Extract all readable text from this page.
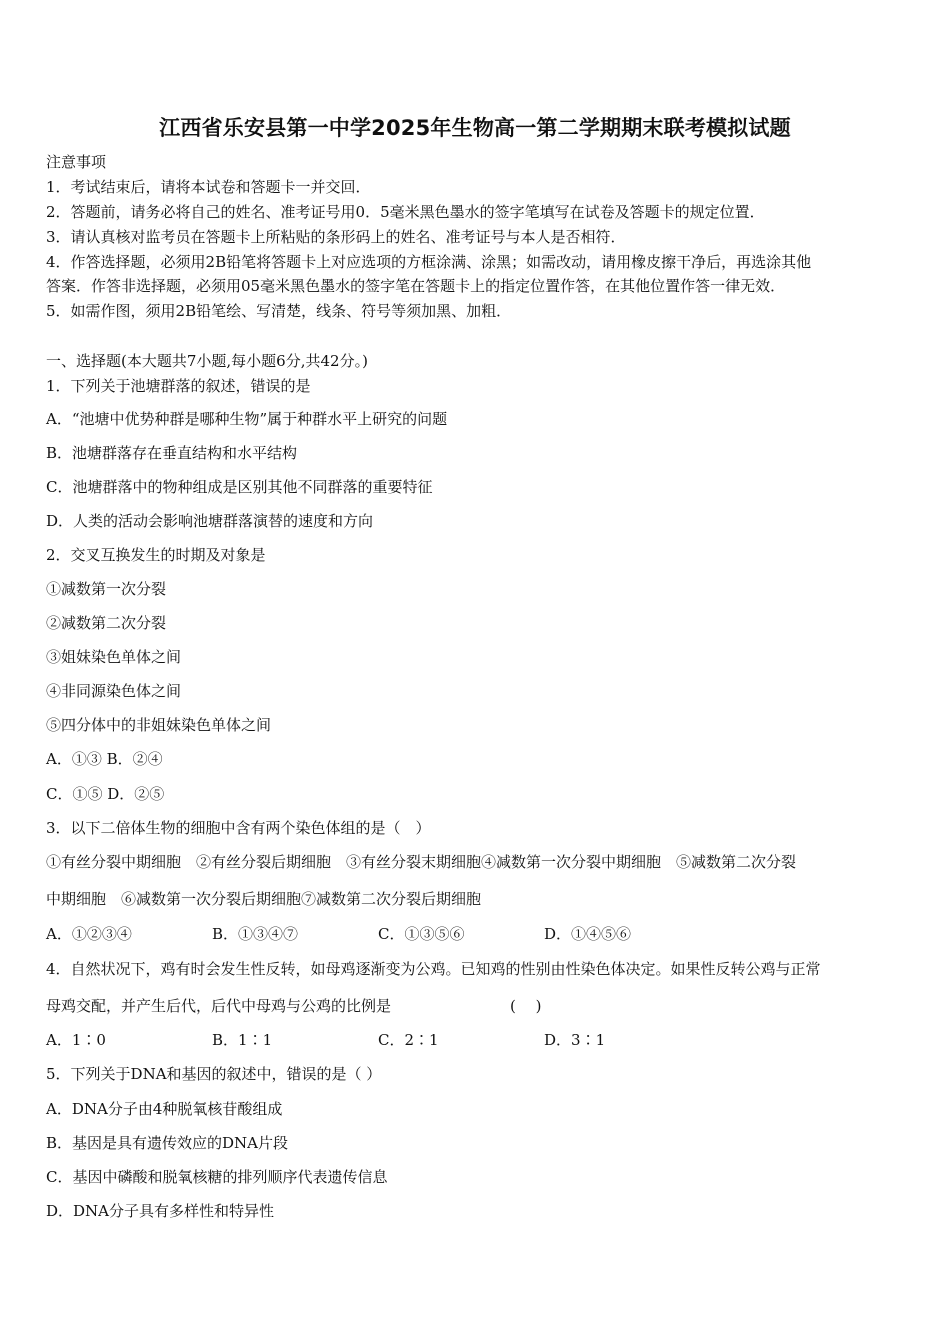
江西省乐安县第一中学2025年生物高一第二学期期末联考模拟试题
注意事项
1．考试结束后，请将本试卷和答题卡一并交回．
2．答题前，请务必将自己的姓名、准考证号用0．5毫米黑色墨水的签字笔填写在试卷及答题卡的规定位置．
3．请认真核对监考员在答题卡上所粘贴的条形码上的姓名、准考证号与本人是否相符．
4．作答选择题，必须用2B铅笔将答题卡上对应选项的方框涂满、涂黑；如需改动，请用橡皮擦干净后，再选涂其他
答案．作答非选择题，必须用05毫米黑色墨水的签字笔在答题卡上的指定位置作答，在其他位置作答一律无效．
5．如需作图，须用2B铅笔绘、写清楚，线条、符号等须加黑、加粗．
一、选择题(本大题共7小题,每小题6分,共42分。)
1．下列关于池塘群落的叙述，错误的是
A．“池塘中优势种群是哪种生物”属于种群水平上研究的问题
B．池塘群落存在垂直结构和水平结构
C．池塘群落中的物种组成是区别其他不同群落的重要特征
D．人类的活动会影响池塘群落演替的速度和方向
2．交叉互换发生的时期及对象是
①减数第一次分裂
②减数第二次分裂
③姐妹染色单体之间
④非同源染色体之间
⑤四分体中的非姐妹染色单体之间
A．①③ B．②④
C．①⑤ D．②⑤
3．以下二倍体生物的细胞中含有两个染色体组的是（　）
①有丝分裂中期细胞　②有丝分裂后期细胞　③有丝分裂末期细胞④减数第一次分裂中期细胞　⑤减数第二次分裂
中期细胞　⑥减数第一次分裂后期细胞⑦减数第二次分裂后期细胞
A．①②③④	B．①③④⑦	C．①③⑤⑥	D．①④⑤⑥
4．自然状况下，鸡有时会发生性反转，如母鸡逐渐变为公鸡。已知鸡的性别由性染色体决定。如果性反转公鸡与正常
母鸡交配，并产生后代，后代中母鸡与公鸡的比例是	(　 )
A．1∶0	B．1∶1	C．2∶1	D．3∶1
5．下列关于DNA和基因的叙述中，错误的是（ ）
A．DNA分子由4种脱氧核苷酸组成
B．基因是具有遗传效应的DNA片段
C．基因中磷酸和脱氧核糖的排列顺序代表遗传信息
D．DNA分子具有多样性和特异性
